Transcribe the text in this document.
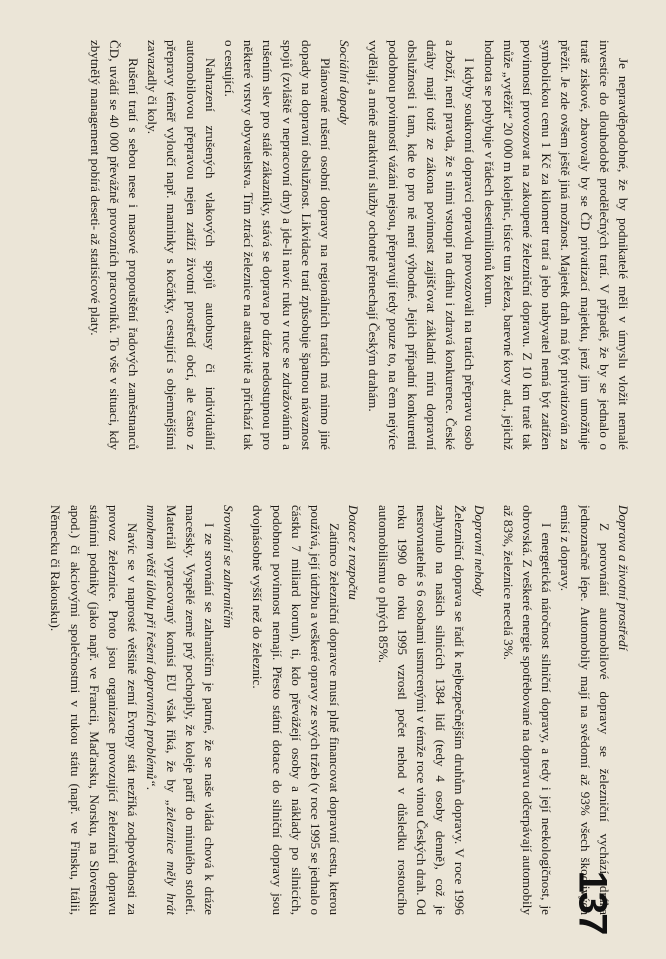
Je nepravděpodobné, že by podnikatelé měli v úmyslu vložit nemalé investice do dlouhodobě prodělečných tratí. V případě, že by se jednalo o tratě ziskové, zbavovaly by se ČD privatizací majetku, jenž jim umožňuje přežít. Je zde ovšem ještě jiná možnost. Majetek drah má být privatizován za symbolickou cenu 1 Kč za kilometr tratí a jeho nabyvatel nemá být zatížen povinností provozovat na zakoupené železniční dopravu. Z 10 km tratě tak může „vytěžit“ 20 000 m kolejnic, tisíce tun železa, barevné kovy atd., jejichž hodnota se pohybuje v řádech desetimilionů korun.

I kdyby soukromí dopravci opravdu provozovali na tratích přepravu osob a zboží, není pravda, že s nimi vstoupí na dráhu i zdravá konkurence. České dráhy mají totiž ze zákona povinnost zajišťovat základní míru dopravní obslužnosti i tam, kde to pro ně není výhodné. Jejich případní konkurenti podobnou povinností vázáni nejsou, přepravují tedy pouze to, na čem nejvíce vydělají, a méně atraktivní služby ochotně přenechají Českým drahám.

Sociální dopady

Plánované rušení osobní dopravy na regionálních tratích má mimo jiné dopady na dopravní obslužnost. Likvidace tratí způsobuje špatnou návaznost spojů (zvláště v nepracovní dny) a jde-li navíc ruku v ruce se zdražováním a rušením slev pro stálé zákazníky, stává se doprava po dráze nedostupnou pro některé vrstvy obyvatelstva. Tím ztrácí železnice na atraktivitě a přichází tak o cestující.

Nahrazení zrušených vlakových spojů autobusy či individuální automobilovou přepravou nejen zatíží životní prostředí obcí, ale často z přepravy téměř vyloučí např. maminky s kočárky, cestující s objemnějšími zavazadly či koly.

Rušení tratí s sebou nese i masové propouštění řadových zaměstnanců ČD, uvádí se 40 000 převážně provozních pracovníků. To vše v situaci, kdy zbytnělý management pobírá deseti- až statisícové platy.

Doprava a životní prostředí

Z porovnání automobilové dopravy se železniční vychází dráha jednoznačně lépe. Automobily mají na svědomí až 93% všech škodlivých emisí z dopravy.

I energetická náročnost silniční dopravy, a tedy i její neekologičnost, je obrovská. Z veškeré energie spotřebované na dopravu odčerpávají automobily až 83%, železnice necelá 3%.

Dopravní nehody

Železniční doprava se řadí k nejbezpečnějším druhům dopravy. V roce 1996 zahynulo na našich silnicích 1384 lidí (tedy 4 osoby denně), což je nesrovnatelné s 6 osobami usmrcenými v témže roce vinou Českých drah. Od roku 1990 do roku 1995 vzrostl počet nehod v důsledku rostoucího automobilismu o plných 85%.

Dotace z rozpočtu

Zatímco železniční dopravce musí plně financovat dopravní cestu, kterou používá, její údržbu a veškeré opravy ze svých tržeb (v roce 1995 se jednalo o částku 7 miliard korun), ti, kdo převážejí osoby a náklady po silnicích, podobnou povinnost nemají. Přesto státní dotace do silniční dopravy jsou dvojnásobně vyšší než do železnic.

Srovnání se zahraničím

I ze srovnání se zahraničím je patrné, že se naše vláda chová k dráze macešsky. Vyspělé země prý pochopily, že koleje patří do minulého století. Materiál vypracovaný komisí EU však říká, že by „železnice měly hrát mnohem větší úlohu při řešení dopravních problémů“.

Navíc se v naprosté většině zemí Evropy stát nezříká zodpovědnosti za provoz železnice. Proto jsou organizace provozující železniční dopravu státními podniky (jako např. ve Francii, Maďarsku, Norsku, na Slovensku apod.) či akciovými společnostmi v rukou státu (např. ve Finsku, Itálii, Německu či Rakousku).

137
